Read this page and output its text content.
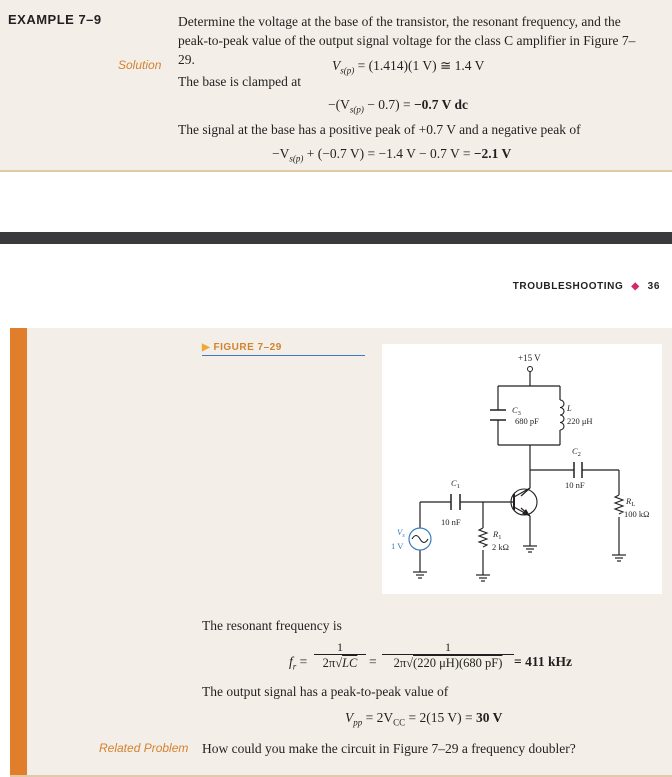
EXAMPLE 7–9	Determine the voltage at the base of the transistor, the resonant frequency, and the peak-to-peak value of the output signal voltage for the class C amplifier in Figure 7–29.
Solution	$V_{s(p)} = (1.414)(1$ V) ≅ 1.4 V
The base is clamped at
$-(V_{s(p)} - 0.7) = -0.7$ V dc
The signal at the base has a positive peak of +0.7 V and a negative peak of
$-V_{s(p)} + (-0.7$ V) = −1.4 V − 0.7 V = −2.1 V
TROUBLESHOOTING ◆ 36
▶ FIGURE 7–29
+15 V
$C_3$
680 pF
L
220 μH
$C_2$
10 nF
$R_L$
100 kΩ
$C_1$
10 nF
$R_1$
2 kΩ
$V_s$
1 V
The resonant frequency is
$f_r$ =
1
2π√LC =
1
2π√(220 μH)(680 pF) = 411 kHz
The output signal has a peak-to-peak value of
$V_{pp} = 2V_{CC} = 2(15$ V) = 30 V
Related Problem How could you make the circuit in Figure 7–29 a frequency doubler?
